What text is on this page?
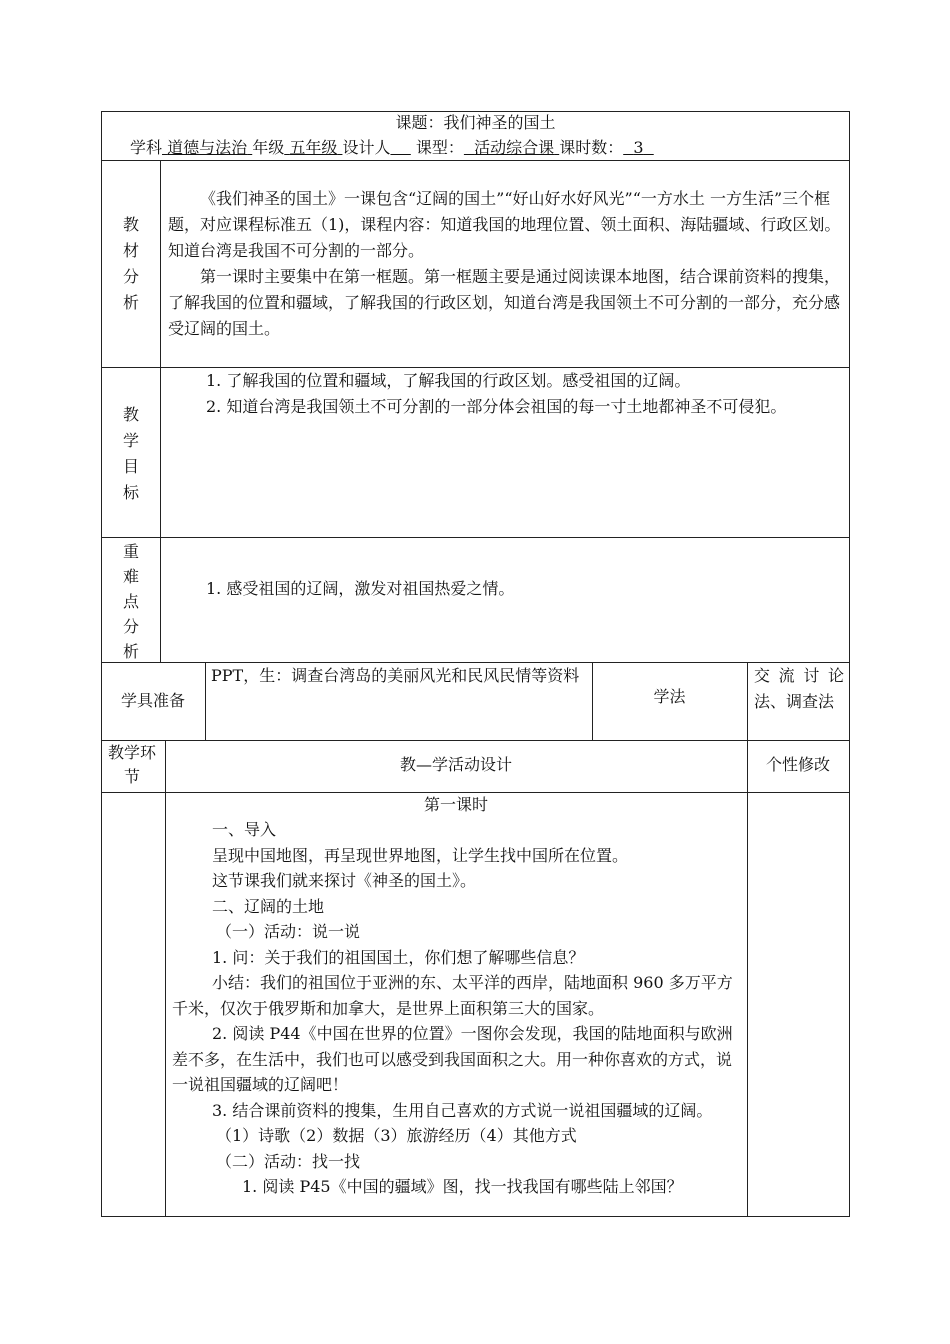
课题：我们神圣的国土
学科 道德与法治 年级 五年级 设计人 课型： 活动综合课 课时数： 3
教
材
分
析

《我们神圣的国土》一课包含“辽阔的国土”“好山好水好风光”“一方水土 一方生活”三个框题，对应课程标准五（1)，课程内容：知道我国的地理位置、领土面积、海陆疆域、行政区划。知道台湾是我国不可分割的一部分。

第一课时主要集中在第一框题。第一框题主要是通过阅读课本地图，结合课前资料的搜集，了解我国的位置和疆域，了解我国的行政区划，知道台湾是我国领土不可分割的一部分，充分感受辽阔的国土。

教
学
目
标

1. 了解我国的位置和疆域，了解我国的行政区划。感受祖国的辽阔。

2. 知道台湾是我国领土不可分割的一部分体会祖国的每一寸土地都神圣不可侵犯。

重
难
点
分
析
1. 感受祖国的辽阔，激发对祖国热爱之情。
学具准备
PPT，生：调查台湾岛的美丽风光和民风民情等资料
学法
交流讨论法、调查法
教学环节
教—学活动设计	个性修改
第一课时

一、导入

呈现中国地图，再呈现世界地图，让学生找中国所在位置。

这节课我们就来探讨《神圣的国土》。

二、辽阔的土地

（一）活动：说一说

1. 问：关于我们的祖国国土，你们想了解哪些信息？

小结：我们的祖国位于亚洲的东、太平洋的西岸，陆地面积 960 多万平方千米，仅次于俄罗斯和加拿大，是世界上面积第三大的国家。

2. 阅读 P44《中国在世界的位置》一图你会发现，我国的陆地面积与欧洲差不多，在生活中，我们也可以感受到我国面积之大。用一种你喜欢的方式，说一说祖国疆域的辽阔吧！

3. 结合课前资料的搜集，生用自己喜欢的方式说一说祖国疆域的辽阔。

（1）诗歌（2）数据（3）旅游经历（4）其他方式

（二）活动：找一找

1. 阅读 P45《中国的疆域》图，找一找我国有哪些陆上邻国？
